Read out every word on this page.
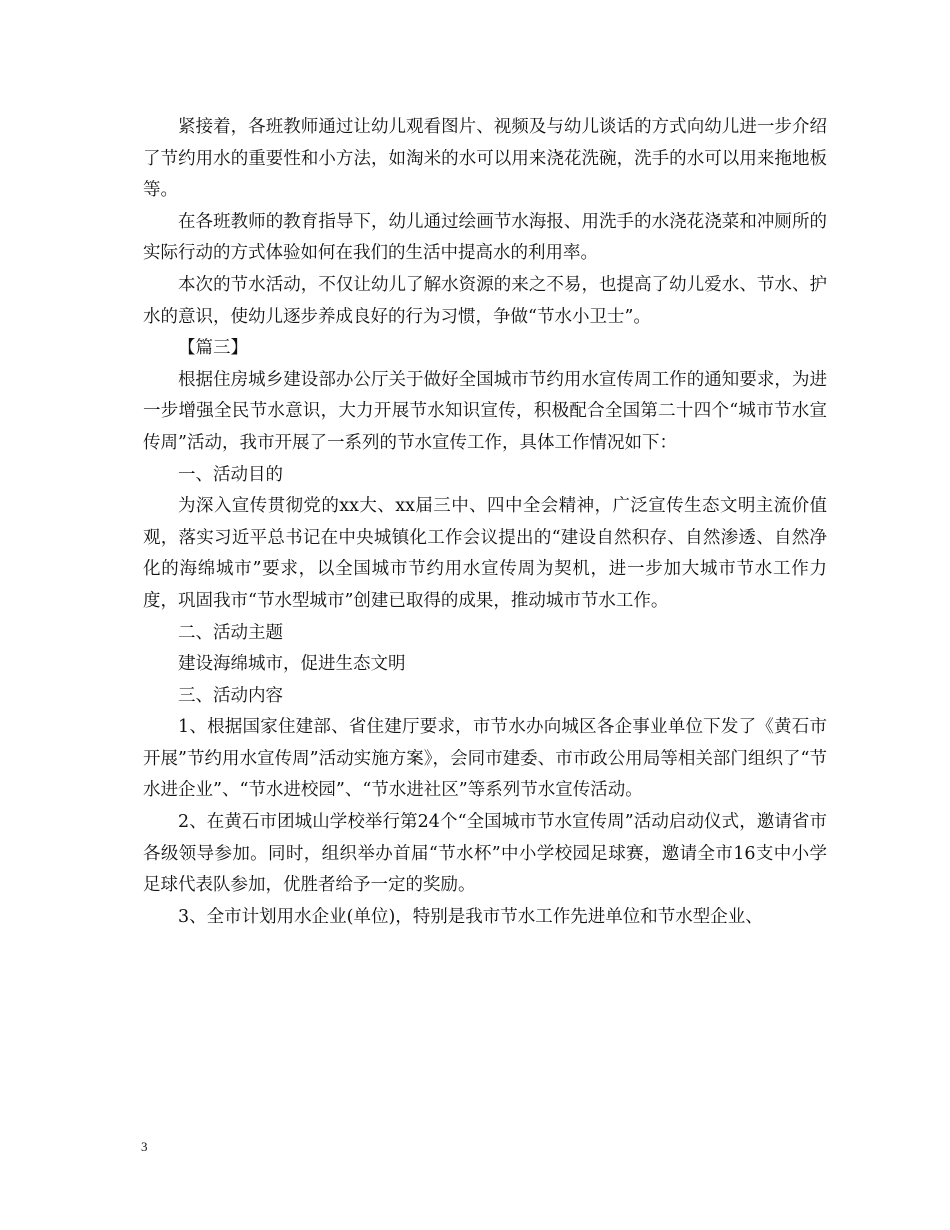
紧接着，各班教师通过让幼儿观看图片、视频及与幼儿谈话的方式向幼儿进一步介绍了节约用水的重要性和小方法，如淘米的水可以用来浇花洗碗，洗手的水可以用来拖地板等。

在各班教师的教育指导下，幼儿通过绘画节水海报、用洗手的水浇花浇菜和冲厕所的实际行动的方式体验如何在我们的生活中提高水的利用率。

本次的节水活动，不仅让幼儿了解水资源的来之不易，也提高了幼儿爱水、节水、护水的意识，使幼儿逐步养成良好的行为习惯，争做“节水小卫士”。

【篇三】

根据住房城乡建设部办公厅关于做好全国城市节约用水宣传周工作的通知要求，为进一步增强全民节水意识，大力开展节水知识宣传，积极配合全国第二十四个“城市节水宣传周”活动，我市开展了一系列的节水宣传工作，具体工作情况如下：

一、活动目的

为深入宣传贯彻党的xx大、xx届三中、四中全会精神，广泛宣传生态文明主流价值观，落实习近平总书记在中央城镇化工作会议提出的“建设自然积存、自然渗透、自然净化的海绵城市”要求，以全国城市节约用水宣传周为契机，进一步加大城市节水工作力度，巩固我市“节水型城市”创建已取得的成果，推动城市节水工作。

二、活动主题

建设海绵城市，促进生态文明

三、活动内容

1、根据国家住建部、省住建厅要求，市节水办向城区各企事业单位下发了《黄石市开展”节约用水宣传周”活动实施方案》，会同市建委、市市政公用局等相关部门组织了“节水进企业”、“节水进校园”、“节水进社区”等系列节水宣传活动。

2、在黄石市团城山学校举行第24个“全国城市节水宣传周”活动启动仪式，邀请省市各级领导参加。同时，组织举办首届“节水杯”中小学校园足球赛，邀请全市16支中小学足球代表队参加，优胜者给予一定的奖励。

3、全市计划用水企业(单位)，特别是我市节水工作先进单位和节水型企业、

3
